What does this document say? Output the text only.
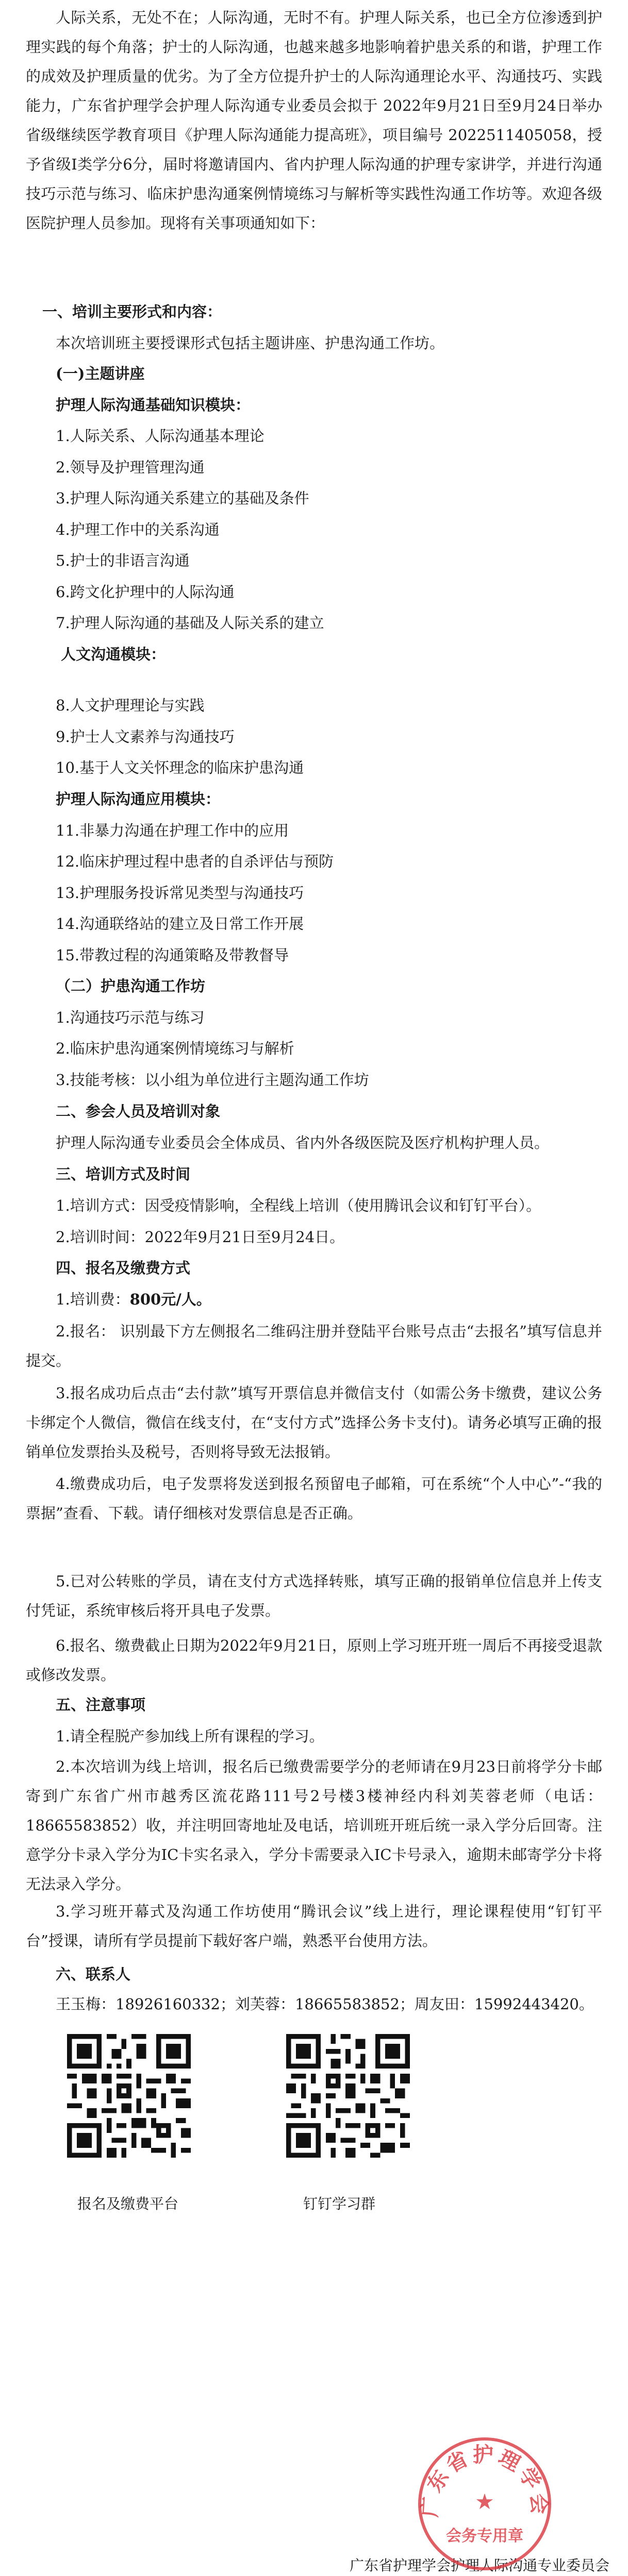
人际关系，无处不在；人际沟通，无时不有。护理人际关系，也已全方位渗透到护理实践的每个角落；护士的人际沟通，也越来越多地影响着护患关系的和谐，护理工作的成效及护理质量的优劣。为了全方位提升护士的人际沟通理论水平、沟通技巧、实践能力，广东省护理学会护理人际沟通专业委员会拟于 2022年9月21日至9月24日举办省级继续医学教育项目《护理人际沟通能力提高班》，项目编号 2022511405058，授予省级Ⅰ类学分6分，届时将邀请国内、省内护理人际沟通的护理专家讲学，并进行沟通技巧示范与练习、临床护患沟通案例情境练习与解析等实践性沟通工作坊等。欢迎各级医院护理人员参加。现将有关事项通知如下：

一、培训主要形式和内容：

本次培训班主要授课形式包括主题讲座、护患沟通工作坊。

(一)主题讲座

护理人际沟通基础知识模块：

1.人际关系、人际沟通基本理论

2.领导及护理管理沟通

3.护理人际沟通关系建立的基础及条件

4.护理工作中的关系沟通

5.护士的非语言沟通

6.跨文化护理中的人际沟通

7.护理人际沟通的基础及人际关系的建立

人文沟通模块：

8.人文护理理论与实践

9.护士人文素养与沟通技巧

10.基于人文关怀理念的临床护患沟通

护理人际沟通应用模块：

11.非暴力沟通在护理工作中的应用

12.临床护理过程中患者的自杀评估与预防

13.护理服务投诉常见类型与沟通技巧

14.沟通联络站的建立及日常工作开展

15.带教过程的沟通策略及带教督导

（二）护患沟通工作坊

1.沟通技巧示范与练习

2.临床护患沟通案例情境练习与解析

3.技能考核：以小组为单位进行主题沟通工作坊

二、参会人员及培训对象

护理人际沟通专业委员会全体成员、省内外各级医院及医疗机构护理人员。

三、培训方式及时间

1.培训方式：因受疫情影响，全程线上培训（使用腾讯会议和钉钉平台）。

2.培训时间：2022年9月21日至9月24日。

四、报名及缴费方式

1.培训费：800元/人。

2.报名： 识别最下方左侧报名二维码注册并登陆平台账号点击“去报名”填写信息并提交。

3.报名成功后点击“去付款”填写开票信息并微信支付（如需公务卡缴费，建议公务卡绑定个人微信，微信在线支付，在“支付方式”选择公务卡支付)。请务必填写正确的报销单位发票抬头及税号，否则将导致无法报销。

4.缴费成功后，电子发票将发送到报名预留电子邮箱，可在系统“个人中心”-“我的票据”查看、下载。请仔细核对发票信息是否正确。

5.已对公转账的学员，请在支付方式选择转账，填写正确的报销单位信息并上传支付凭证，系统审核后将开具电子发票。

6.报名、缴费截止日期为2022年9月21日，原则上学习班开班一周后不再接受退款或修改发票。

五、注意事项

1.请全程脱产参加线上所有课程的学习。

2.本次培训为线上培训，报名后已缴费需要学分的老师请在9月23日前将学分卡邮寄到广东省广州市越秀区流花路111号2号楼3楼神经内科刘芙蓉老师（电话：18665583852）收，并注明回寄地址及电话，培训班开班后统一录入学分后回寄。注意学分卡录入学分为IC卡实名录入，学分卡需要录入IC卡号录入，逾期未邮寄学分卡将无法录入学分。

3.学习班开幕式及沟通工作坊使用“腾讯会议”线上进行，理论课程使用“钉钉平台”授课，请所有学员提前下载好客户端，熟悉平台使用方法。

六、联系人

王玉梅：18926160332；刘芙蓉：18665583852；周友田：15992443420。

报名及缴费平台	钉钉学习群

广东省护理学会护理人际沟通专业委员会

广东省护理学会
★
会务专用章
